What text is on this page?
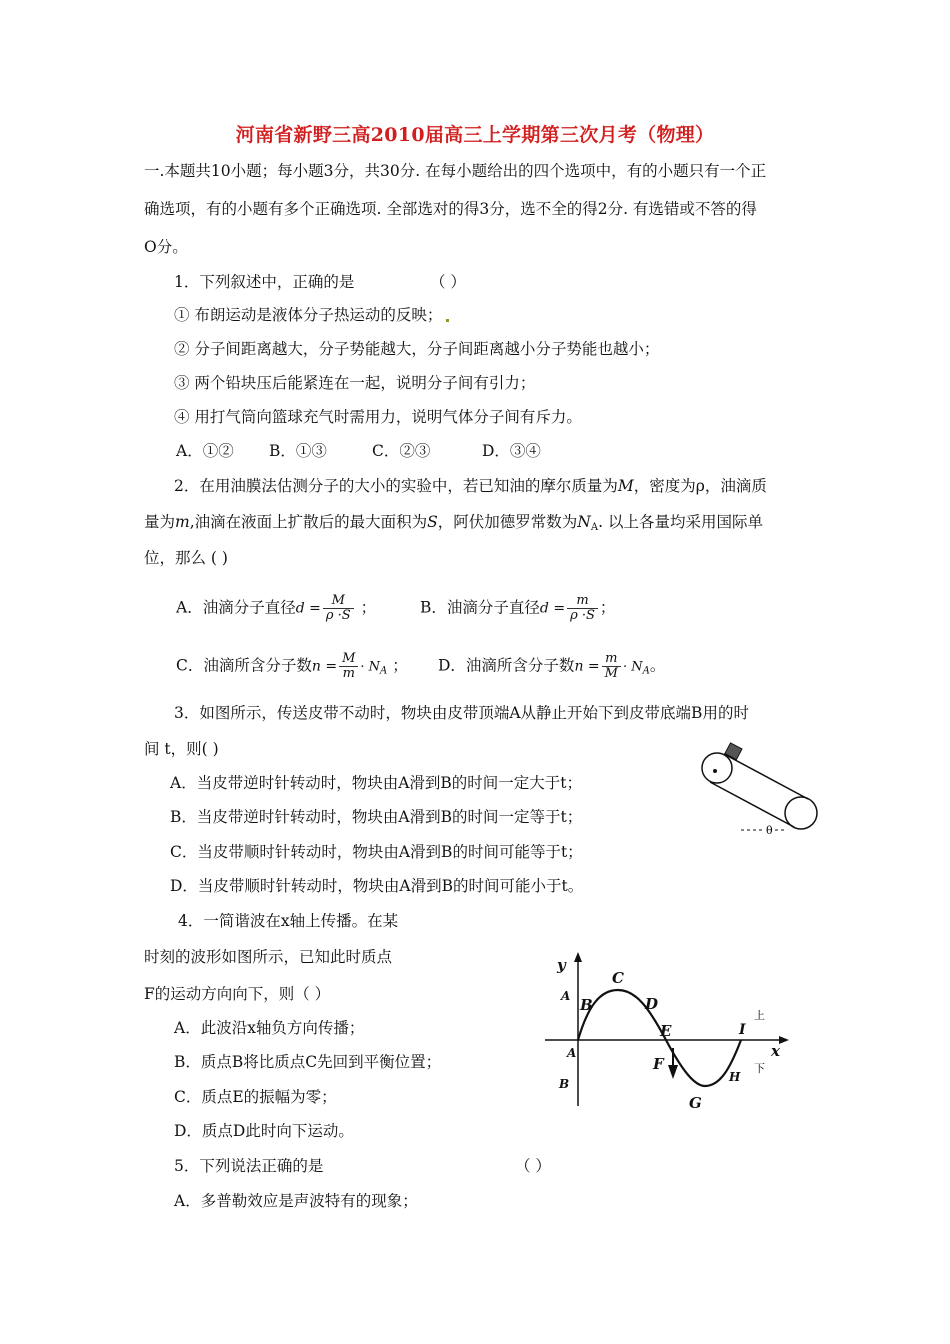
河南省新野三高2010届高三上学期第三次月考（物理）
一.本题共10小题；每小题3分，共30分. 在每小题给出的四个选项中，有的小题只有一个正
确选项，有的小题有多个正确选项. 全部选对的得3分，选不全的得2分. 有选错或不答的得
O分。
1．下列叙述中，正确的是	（ ）
① 布朗运动是液体分子热运动的反映；
② 分子间距离越大，分子势能越大，分子间距离越小分子势能也越小；
③ 两个铅块压后能紧连在一起，说明分子间有引力；
④ 用打气筒向篮球充气时需用力，说明气体分子间有斥力。
A．①② B．①③	C．②③	D．③④
2．在用油膜法估测分子的大小的实验中，若已知油的摩尔质量为M，密度为ρ，油滴质
量为m,油滴在液面上扩散后的最大面积为S，阿伏加德罗常数为$N_A$. 以上各量均采用国际单
位，那么 ( )
A．油滴分子直径$d = \frac{M}{\rho \cdot S}$ ；	B．油滴分子直径$d = \frac{m}{\rho \cdot S}$ ；
C．油滴所含分子数$n = \frac{M}{m} \cdot N_A$ ； D．油滴所含分子数$n = \frac{m}{M} \cdot N_A$。
3．如图所示，传送皮带不动时，物块由皮带顶端A从静止开始下到皮带底端B用的时
间 t，则( )
A．当皮带逆时针转动时，物块由A滑到B的时间一定大于t；
B．当皮带逆时针转动时，物块由A滑到B的时间一定等于t；
C．当皮带顺时针转动时，物块由A滑到B的时间可能等于t；
D．当皮带顺时针转动时，物块由A滑到B的时间可能小于t。
θ
4．一简谐波在x轴上传播。在某
时刻的波形如图所示，已知此时质点
F的运动方向向下，则（ ）
A．此波沿x轴负方向传播；
B．质点B将比质点C先回到平衡位置；
C．质点E的振幅为零；
D．质点D此时向下运动。
y
x
A
A
B
B
C
D
E
F
G
H
I
上
下
5．下列说法正确的是	（ ）
A．多普勒效应是声波特有的现象；
